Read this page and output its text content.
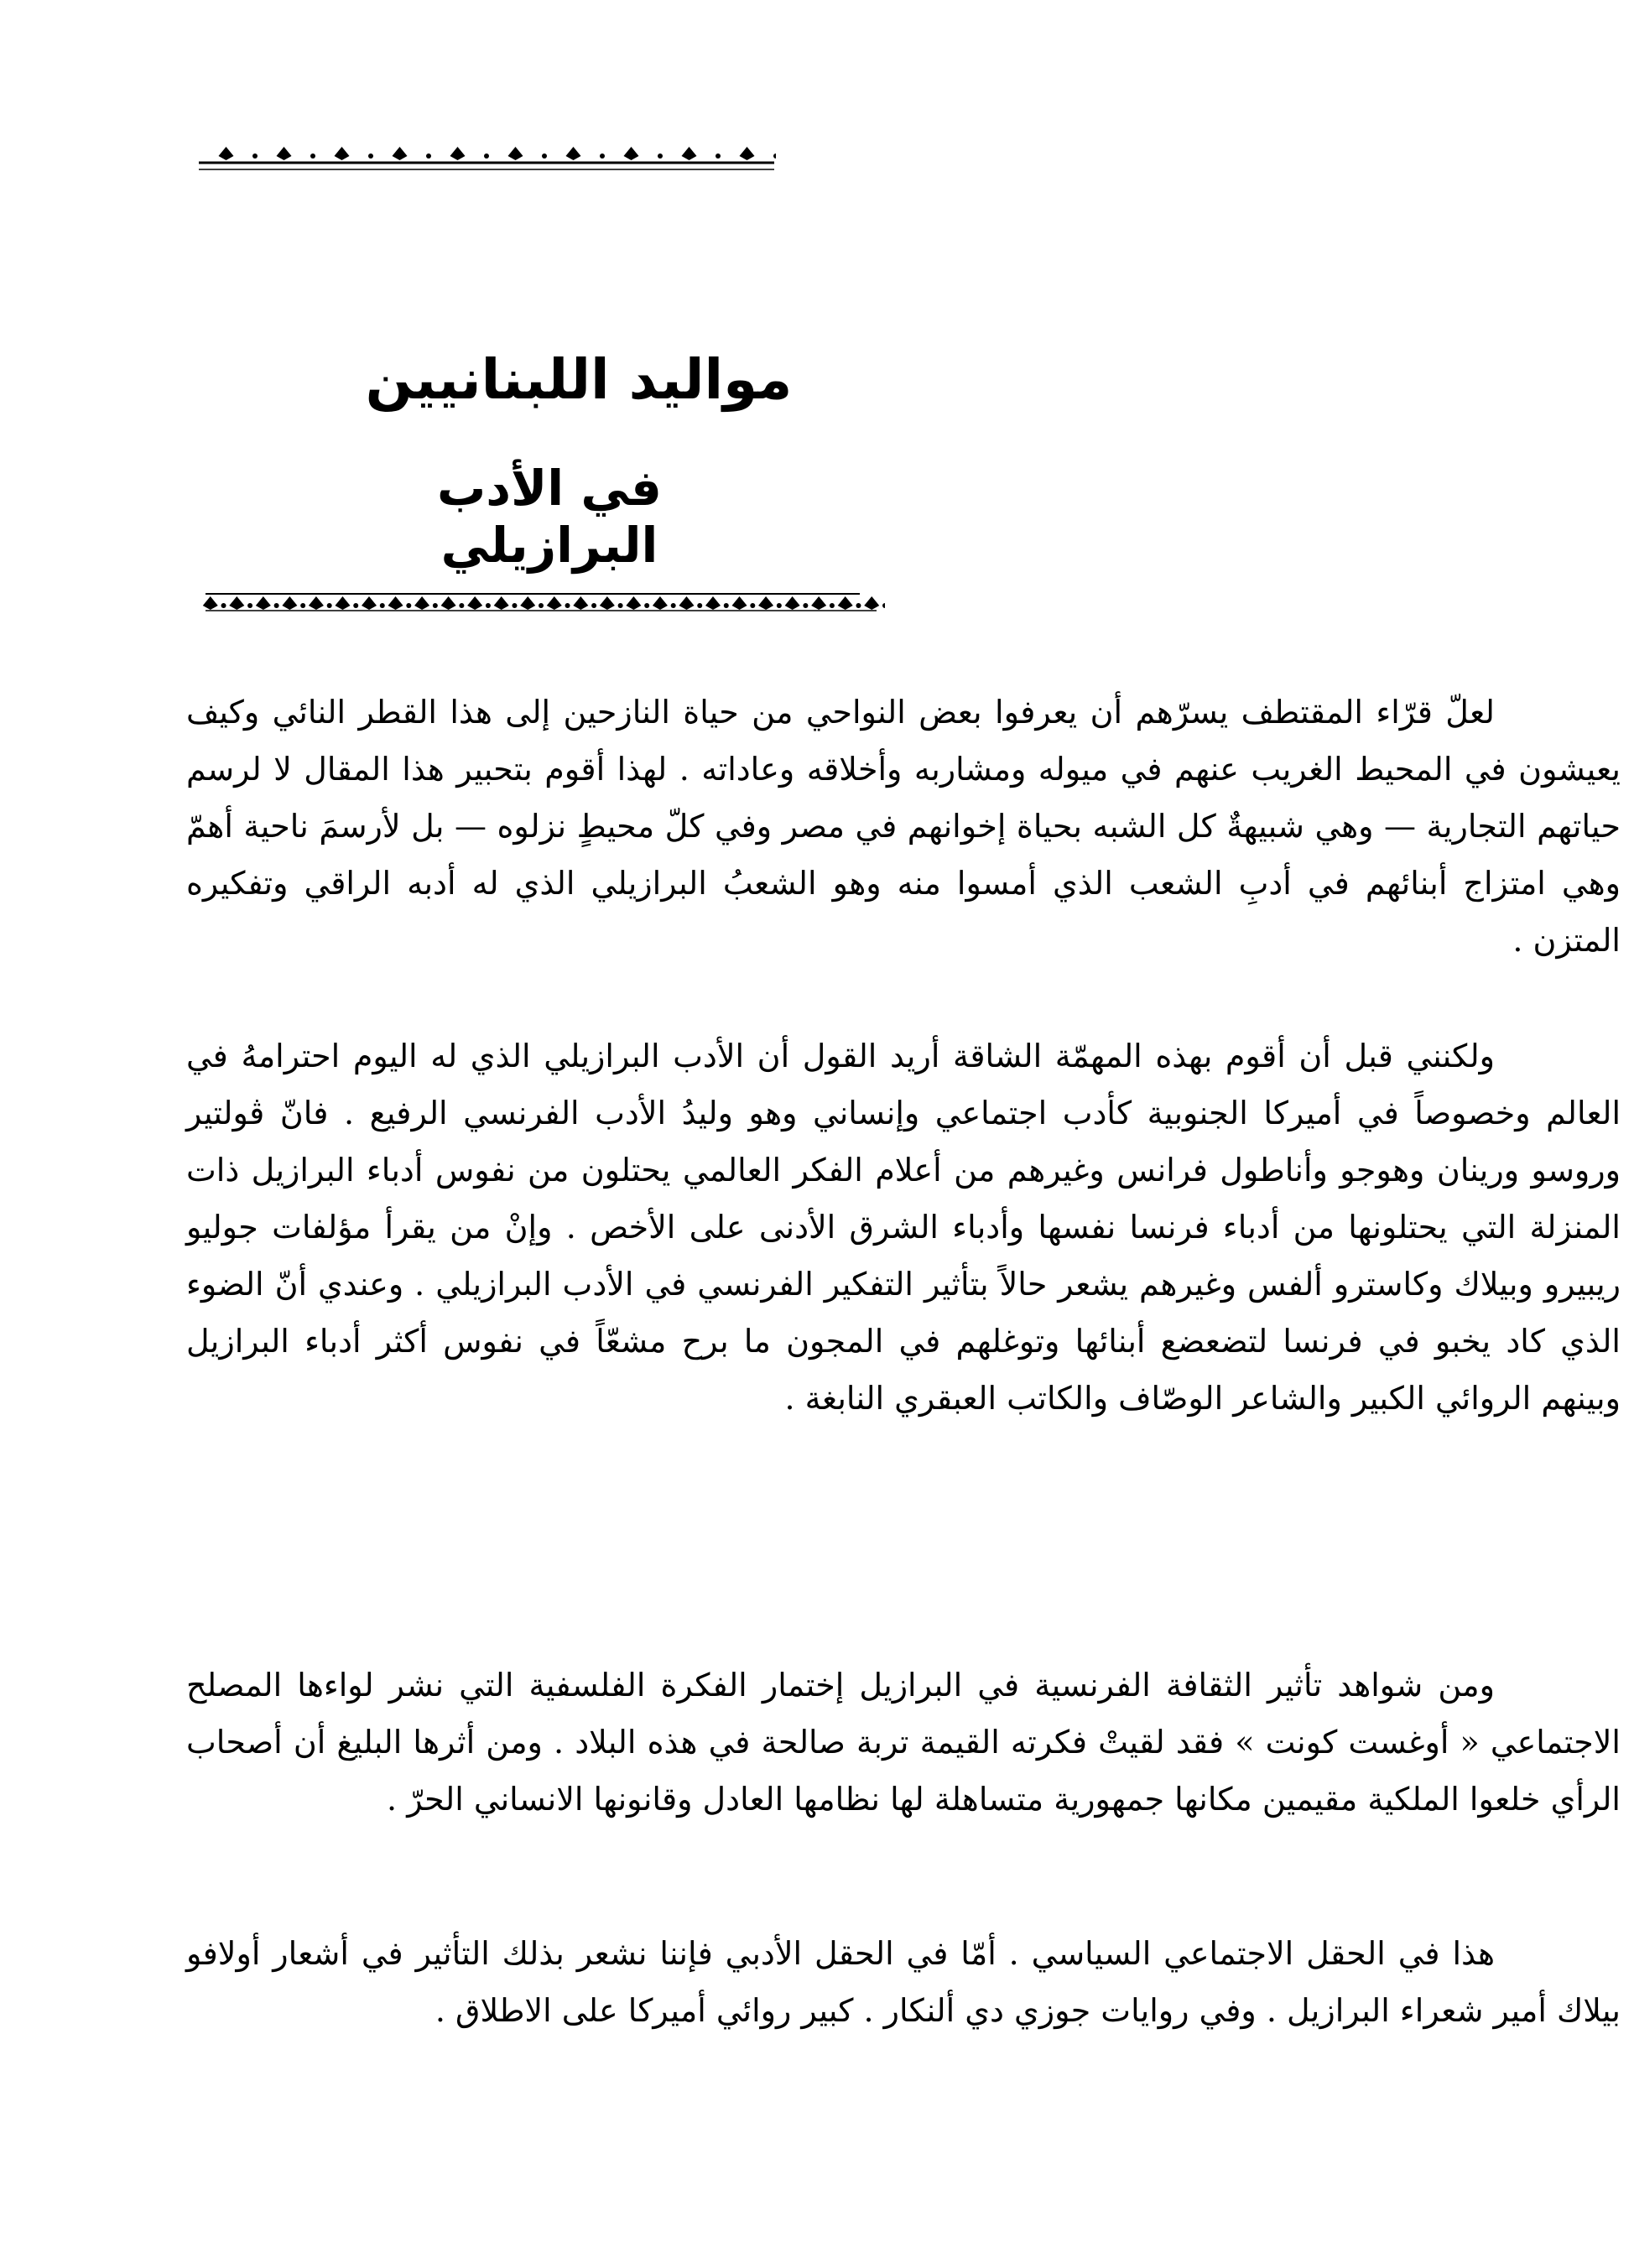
مواليد اللبنانيين
في الأدب البرازيلي

لعلّ قرّاء المقتطف يسرّهم أن يعرفوا بعض النواحي من حياة النازحين إلى هذا القطر النائي وكيف يعيشون في المحيط الغريب عنهم في ميوله ومشاربه وأخلاقه وعاداته . لهذا أقوم بتحبير هذا المقال لا لرسم حياتهم التجارية — وهي شبيهةٌ كل الشبه بحياة إخوانهم في مصر وفي كلّ محيطٍ نزلوه — بل لأرسمَ ناحية أهمّ وهي امتزاج أبنائهم في أدبِ الشعب الذي أمسوا منه وهو الشعبُ البرازيلي الذي له أدبه الراقي وتفكيره المتزن .

ولكنني قبل أن أقوم بهذه المهمّة الشاقة أريد القول أن الأدب البرازيلي الذي له اليوم احترامهُ في العالم وخصوصاً في أميركا الجنوبية كأدب اجتماعي وإنساني وهو وليدُ الأدب الفرنسي الرفيع . فانّ ڤولتير وروسو ورينان وهوجو وأناطول فرانس وغيرهم من أعلام الفكر العالمي يحتلون من نفوس أدباء البرازيل ذات المنزلة التي يحتلونها من أدباء فرنسا نفسها وأدباء الشرق الأدنى على الأخص . وإنْ من يقرأ مؤلفات جوليو ريبيرو وبيلاك وكاسترو ألفس وغيرهم يشعر حالاً بتأثير التفكير الفرنسي في الأدب البرازيلي . وعندي أنّ الضوء الذي كاد يخبو في فرنسا لتضعضع أبنائها وتوغلهم في المجون ما برح مشعّاً في نفوس أكثر أدباء البرازيل وبينهم الروائي الكبير والشاعر الوصّاف والكاتب العبقري النابغة .

ومن شواهد تأثير الثقافة الفرنسية في البرازيل إختمار الفكرة الفلسفية التي نشر لواءها المصلح الاجتماعي « أوغست كونت » فقد لقيتْ فكرته القيمة تربة صالحة في هذه البلاد . ومن أثرها البليغ أن أصحاب الرأي خلعوا الملكية مقيمين مكانها جمهورية متساهلة لها نظامها العادل وقانونها الانساني الحرّ .

هذا في الحقل الاجتماعي السياسي . أمّا في الحقل الأدبي فإننا نشعر بذلك التأثير في أشعار أولافو بيلاك أمير شعراء البرازيل . وفي روايات جوزي دي ألنكار . كبير روائي أميركا على الاطلاق .
